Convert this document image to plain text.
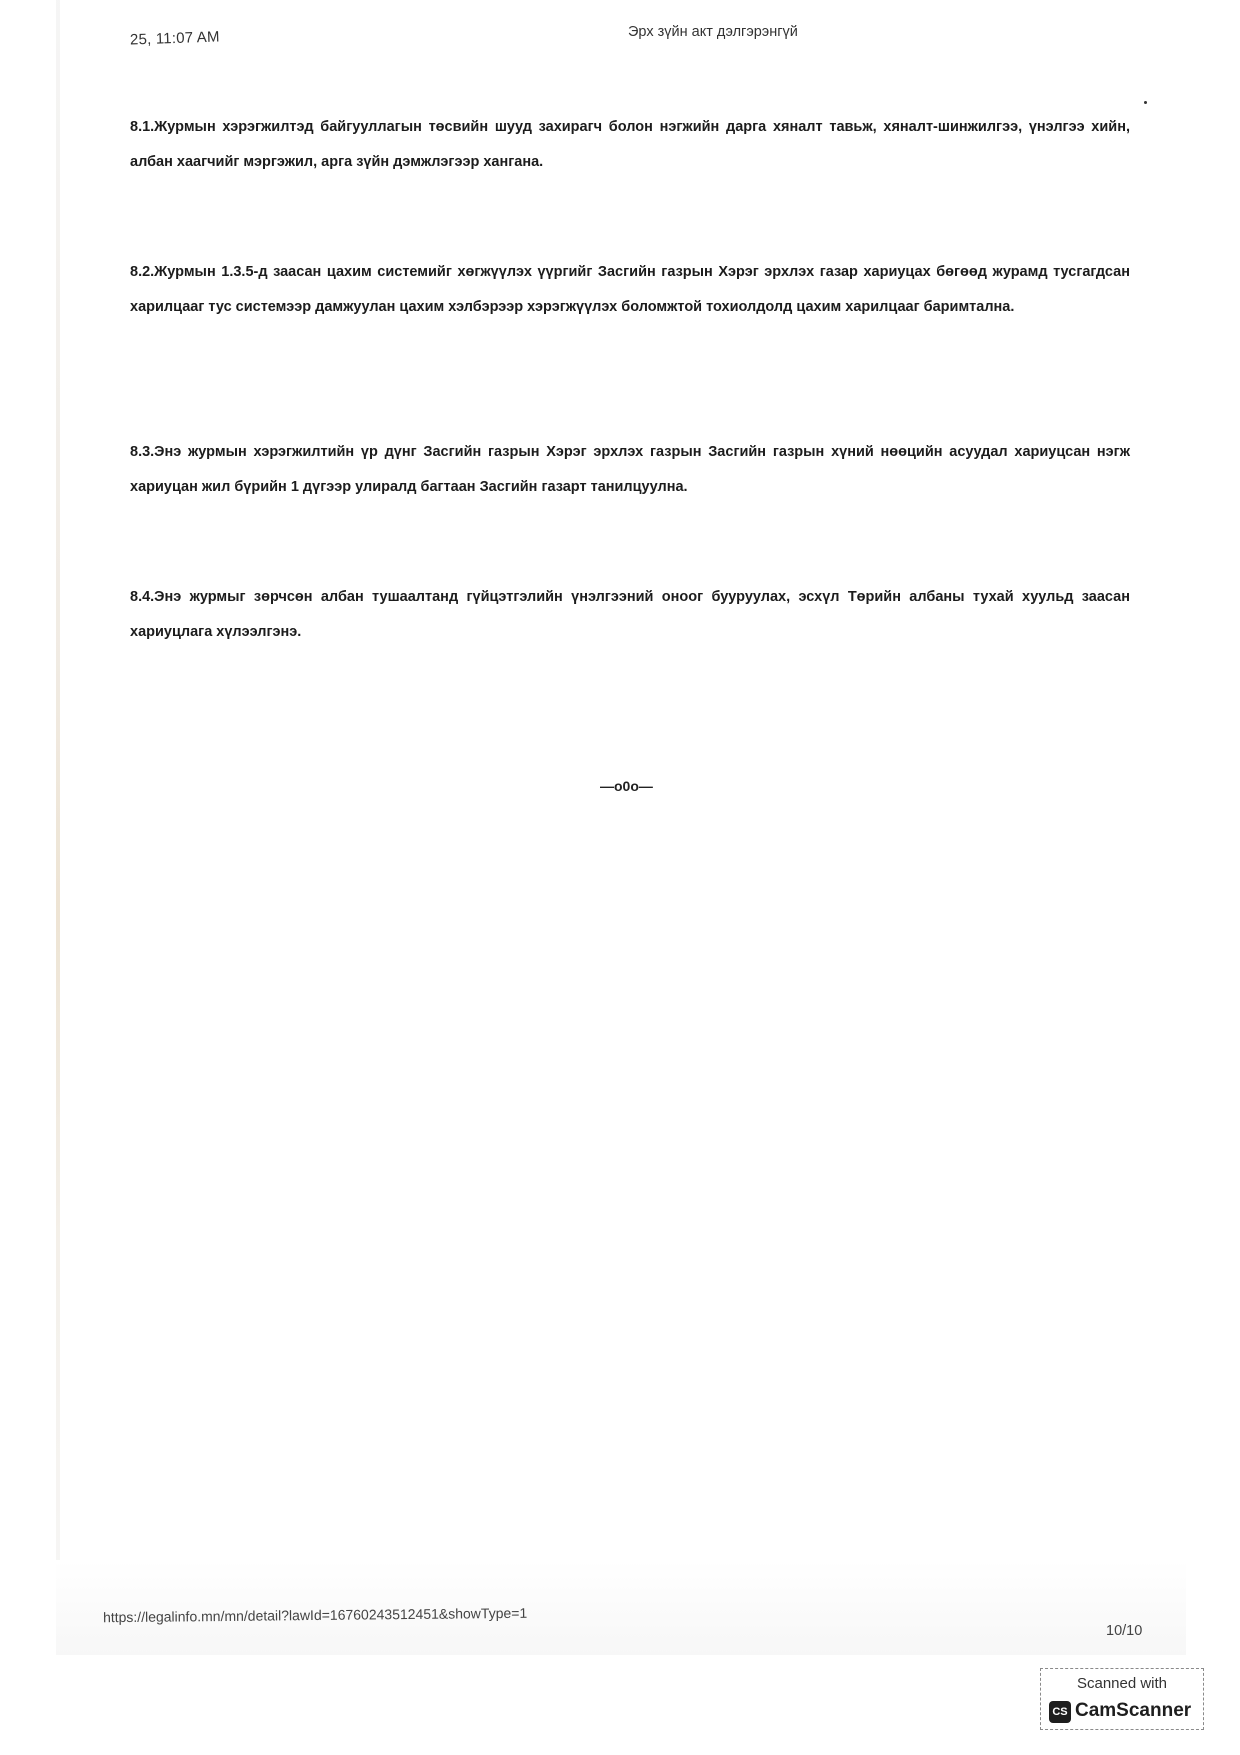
25, 11:07 AM	Эрх зүйн акт дэлгэрэнгүй

8.1.Журмын хэрэгжилтэд байгууллагын төсвийн шууд захирагч болон нэгжийн дарга хяналт тавьж, хяналт-шинжилгээ, үнэлгээ хийн, албан хаагчийг мэргэжил, арга зүйн дэмжлэгээр хангана.

8.2.Журмын 1.3.5-д заасан цахим системийг хөгжүүлэх үүргийг Засгийн газрын Хэрэг эрхлэх газар хариуцах бөгөөд журамд тусгагдсан харилцааг тус системээр дамжуулан цахим хэлбэрээр хэрэгжүүлэх боломжтой тохиолдолд цахим харилцааг баримтална.

8.3.Энэ журмын хэрэгжилтийн үр дүнг Засгийн газрын Хэрэг эрхлэх газрын Засгийн газрын хүний нөөцийн асуудал хариуцсан нэгж хариуцан жил бүрийн 1 дүгээр улиралд багтаан Засгийн газарт танилцуулна.

8.4.Энэ журмыг зөрчсөн албан тушаалтанд гүйцэтгэлийн үнэлгээний оноог бууруулах, эсхүл Төрийн албаны тухай хуульд заасан хариуцлага хүлээлгэнэ.

—o0o—
https://legalinfo.mn/mn/detail?lawId=16760243512451&showType=1
10/10
Scanned with
CS CamScanner
